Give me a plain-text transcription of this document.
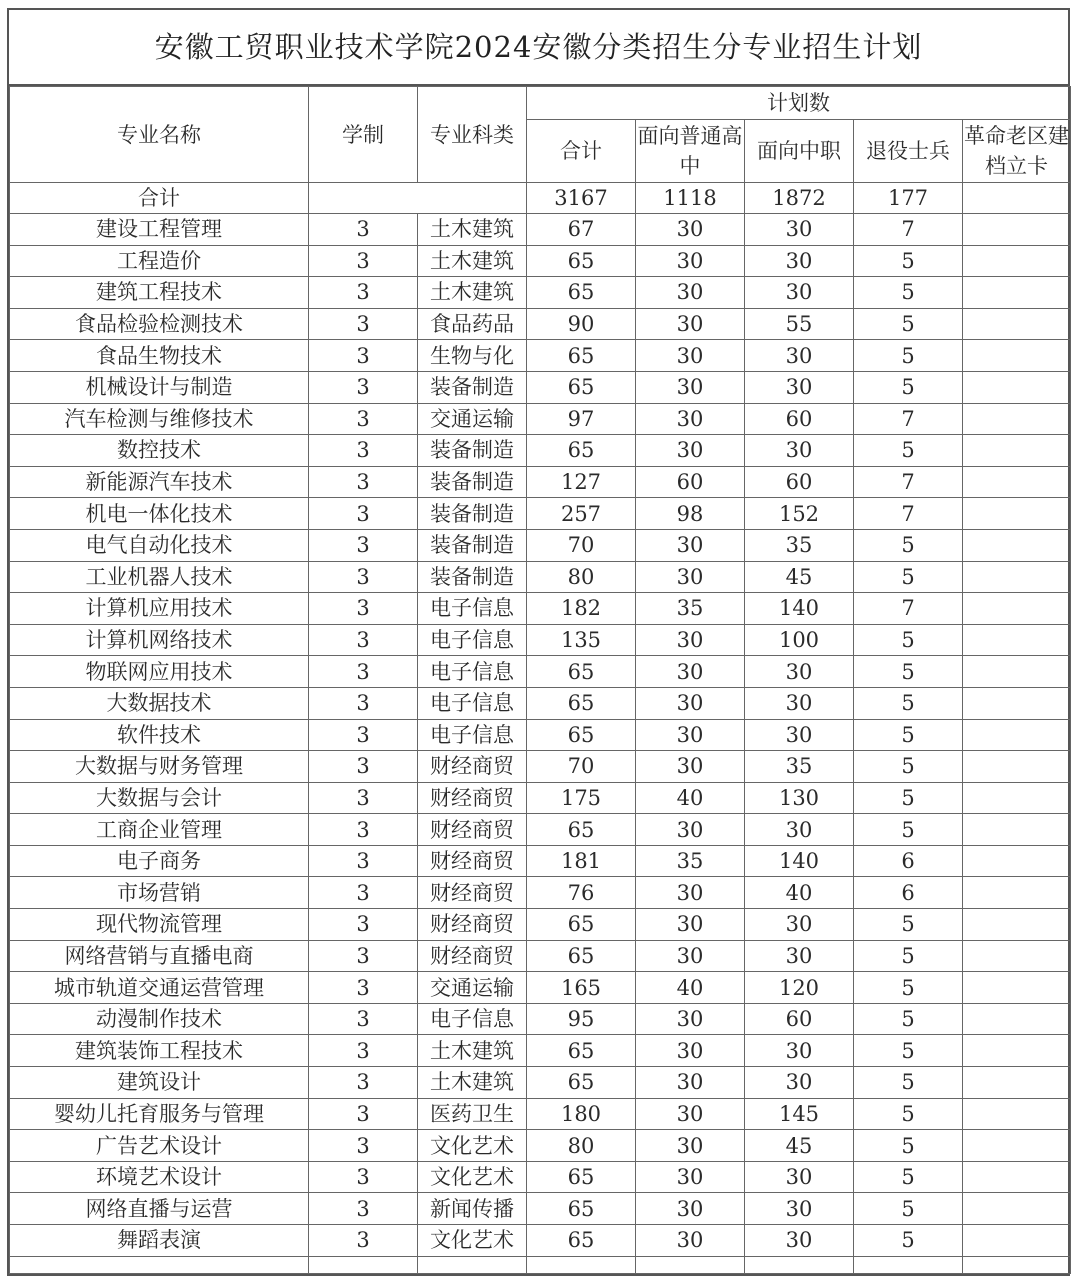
安徽工贸职业技术学院2024安徽分类招生分专业招生计划
专业名称	学制	专业科类	计划数				
			合计	面向普通高中	面向中职	退役士兵	革命老区建档立卡
合计			3167	1118	1872	177	
建设工程管理	3	土木建筑	67	30	30	7	
工程造价	3	土木建筑	65	30	30	5	
建筑工程技术	3	土木建筑	65	30	30	5	
食品检验检测技术	3	食品药品	90	30	55	5	
食品生物技术	3	生物与化	65	30	30	5	
机械设计与制造	3	装备制造	65	30	30	5	
汽车检测与维修技术	3	交通运输	97	30	60	7	
数控技术	3	装备制造	65	30	30	5	
新能源汽车技术	3	装备制造	127	60	60	7	
机电一体化技术	3	装备制造	257	98	152	7	
电气自动化技术	3	装备制造	70	30	35	5	
工业机器人技术	3	装备制造	80	30	45	5	
计算机应用技术	3	电子信息	182	35	140	7	
计算机网络技术	3	电子信息	135	30	100	5	
物联网应用技术	3	电子信息	65	30	30	5	
大数据技术	3	电子信息	65	30	30	5	
软件技术	3	电子信息	65	30	30	5	
大数据与财务管理	3	财经商贸	70	30	35	5	
大数据与会计	3	财经商贸	175	40	130	5	
工商企业管理	3	财经商贸	65	30	30	5	
电子商务	3	财经商贸	181	35	140	6	
市场营销	3	财经商贸	76	30	40	6	
现代物流管理	3	财经商贸	65	30	30	5	
网络营销与直播电商	3	财经商贸	65	30	30	5	
城市轨道交通运营管理	3	交通运输	165	40	120	5	
动漫制作技术	3	电子信息	95	30	60	5	
建筑装饰工程技术	3	土木建筑	65	30	30	5	
建筑设计	3	土木建筑	65	30	30	5	
婴幼儿托育服务与管理	3	医药卫生	180	30	145	5	
广告艺术设计	3	文化艺术	80	30	45	5	
环境艺术设计	3	文化艺术	65	30	30	5	
网络直播与运营	3	新闻传播	65	30	30	5	
舞蹈表演	3	文化艺术	65	30	30	5	
